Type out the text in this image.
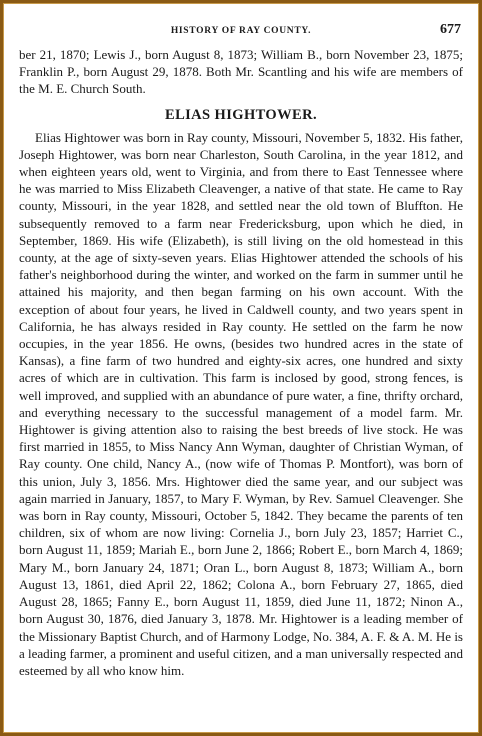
HISTORY OF RAY COUNTY.	677

ber 21, 1870; Lewis J., born August 8, 1873; William B., born November 23, 1875; Franklin P., born August 29, 1878. Both Mr. Scantling and his wife are members of the M. E. Church South.

ELIAS HIGHTOWER.

Elias Hightower was born in Ray county, Missouri, November 5, 1832. His father, Joseph Hightower, was born near Charleston, South Carolina, in the year 1812, and when eighteen years old, went to Virginia, and from there to East Tennessee where he was married to Miss Elizabeth Cleavenger, a native of that state. He came to Ray county, Missouri, in the year 1828, and settled near the old town of Bluffton. He subsequently removed to a farm near Fredericksburg, upon which he died, in September, 1869. His wife (Elizabeth), is still living on the old homestead in this county, at the age of sixty-seven years. Elias Hightower attended the schools of his father's neighborhood during the winter, and worked on the farm in summer until he attained his majority, and then began farming on his own account. With the exception of about four years, he lived in Caldwell county, and two years spent in California, he has always resided in Ray county. He settled on the farm he now occupies, in the year 1856. He owns, (besides two hundred acres in the state of Kansas), a fine farm of two hundred and eighty-six acres, one hundred and sixty acres of which are in cultivation. This farm is inclosed by good, strong fences, is well improved, and supplied with an abundance of pure water, a fine, thrifty orchard, and everything necessary to the successful management of a model farm. Mr. Hightower is giving attention also to raising the best breeds of live stock. He was first married in 1855, to Miss Nancy Ann Wyman, daughter of Christian Wyman, of Ray county. One child, Nancy A., (now wife of Thomas P. Montfort), was born of this union, July 3, 1856. Mrs. Hightower died the same year, and our subject was again married in January, 1857, to Mary F. Wyman, by Rev. Samuel Cleavenger. She was born in Ray county, Missouri, October 5, 1842. They became the parents of ten children, six of whom are now living: Cornelia J., born July 23, 1857; Harriet C., born August 11, 1859; Mariah E., born June 2, 1866; Robert E., born March 4, 1869; Mary M., born January 24, 1871; Oran L., born August 8, 1873; William A., born August 13, 1861, died April 22, 1862; Colona A., born February 27, 1865, died August 28, 1865; Fanny E., born August 11, 1859, died June 11, 1872; Ninon A., born August 30, 1876, died January 3, 1878. Mr. Hightower is a leading member of the Missionary Baptist Church, and of Harmony Lodge, No. 384, A. F. & A. M. He is a leading farmer, a prominent and useful citizen, and a man universally respected and esteemed by all who know him.
